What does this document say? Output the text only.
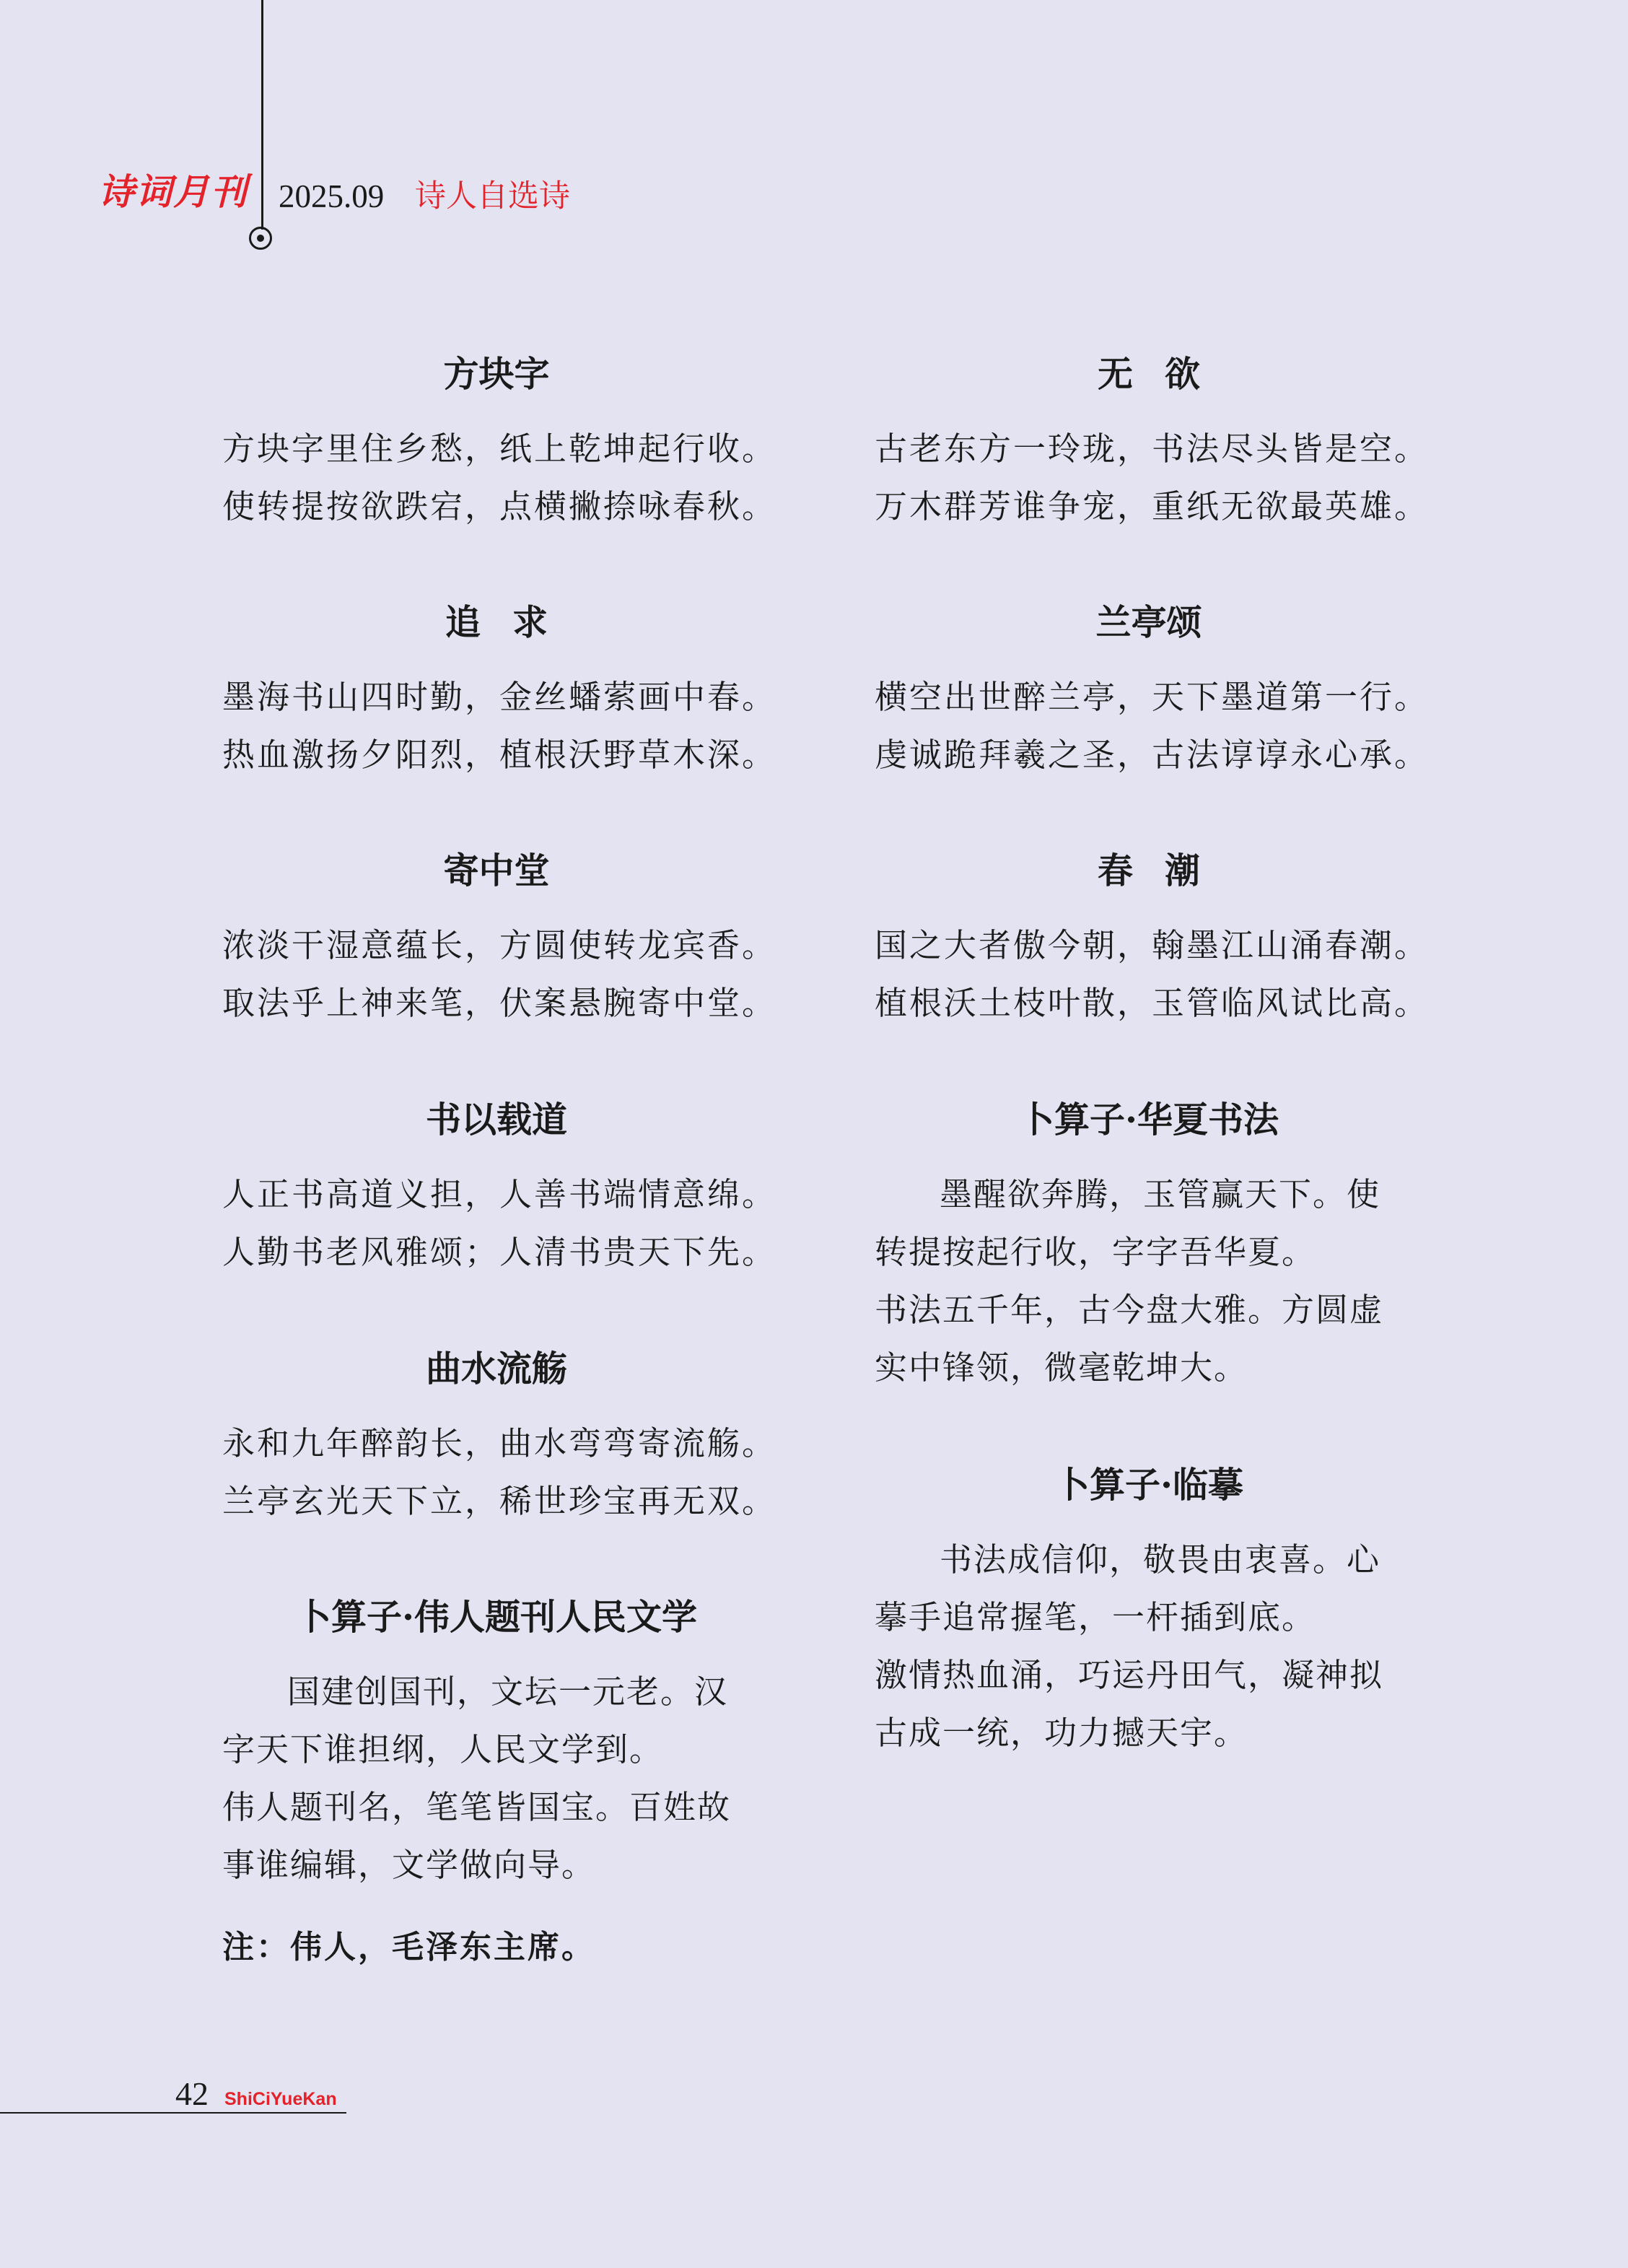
诗词月刊 2025.09 诗人自选诗
方块字

方块字里住乡愁，纸上乾坤起行收。

使转提按欲跌宕，点横撇捺咏春秋。

追求

墨海书山四时勤，金丝蟠萦画中春。

热血激扬夕阳烈，植根沃野草木深。

寄中堂

浓淡干湿意蕴长，方圆使转龙宾香。

取法乎上神来笔，伏案悬腕寄中堂。

书以载道

人正书高道义担，人善书端情意绵。

人勤书老风雅颂；人清书贵天下先。

曲水流觞

永和九年醉韵长，曲水弯弯寄流觞。

兰亭玄光天下立，稀世珍宝再无双。

卜算子·伟人题刊人民文学

国建创国刊，文坛一元老。汉字天下谁担纲，人民文学到。伟人题刊名，笔笔皆国宝。百姓故事谁编辑，文学做向导。

注：伟人，毛泽东主席。
无欲

古老东方一玲珑，书法尽头皆是空。

万木群芳谁争宠，重纸无欲最英雄。

兰亭颂

横空出世醉兰亭，天下墨道第一行。

虔诚跪拜羲之圣，古法谆谆永心承。

春潮

国之大者傲今朝，翰墨江山涌春潮。

植根沃土枝叶散，玉管临风试比高。

卜算子·华夏书法

墨醒欲奔腾，玉管赢天下。使转提按起行收，字字吾华夏。书法五千年，古今盘大雅。方圆虚实中锋领，微毫乾坤大。

卜算子·临摹

书法成信仰，敬畏由衷喜。心摹手追常握笔，一杆插到底。激情热血涌，巧运丹田气，凝神拟古成一统，功力撼天宇。

42 ShiCiYueKan
